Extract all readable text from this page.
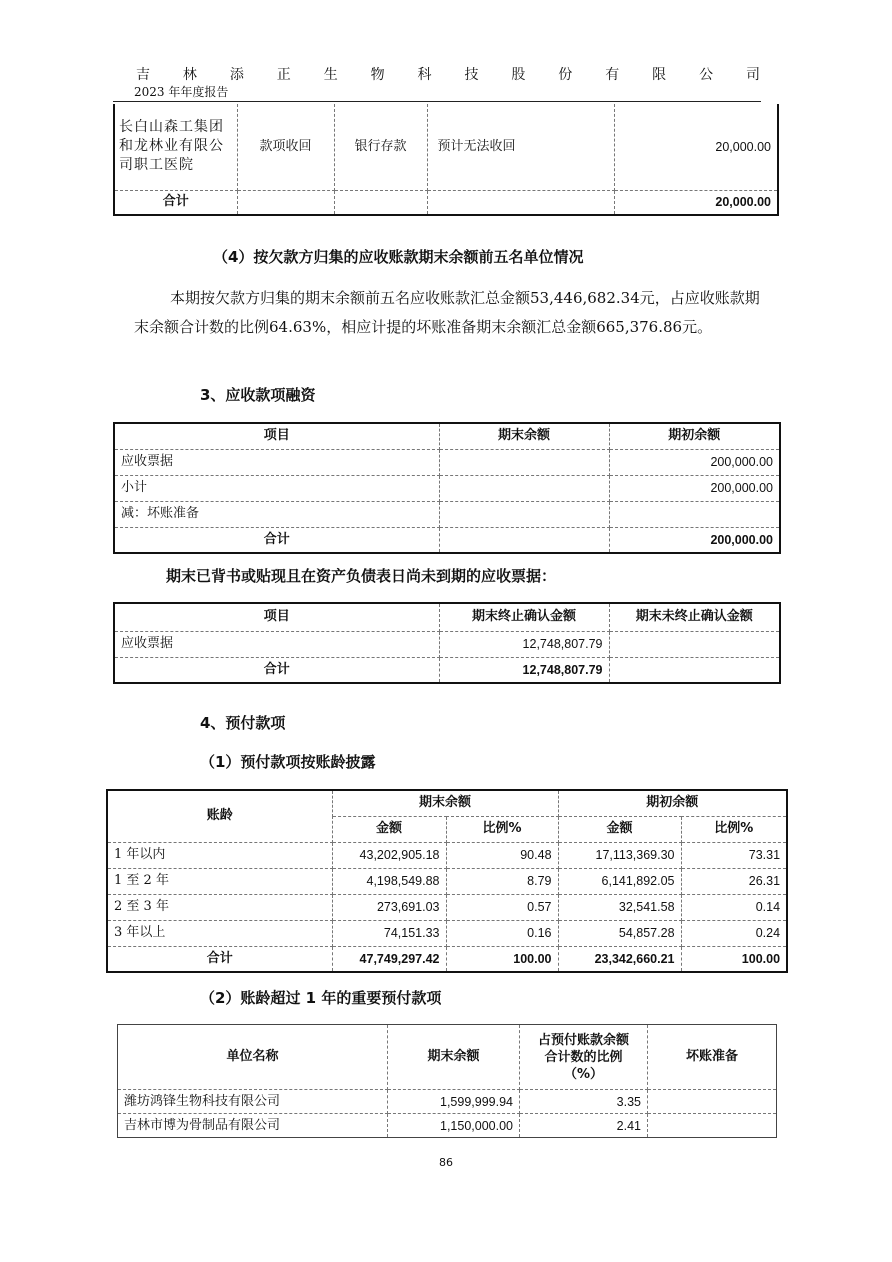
吉 林 添 正 生 物 科 技 股 份 有 限 公 司
2023 年年度报告
长白山森工集团和龙林业有限公司职工医院	款项收回	银行存款	预计无法收回	20,000.00
合计				20,000.00
（4）按欠款方归集的应收账款期末余额前五名单位情况
本期按欠款方归集的期末余额前五名应收账款汇总金额53,446,682.34元，占应收账款期末余额合计数的比例64.63%，相应计提的坏账准备期末余额汇总金额665,376.86元。
3、应收款项融资
项目	期末余额	期初余额
应收票据		200,000.00
小计		200,000.00
减：坏账准备		
合计		200,000.00
期末已背书或贴现且在资产负债表日尚未到期的应收票据：
项目	期末终止确认金额	期末未终止确认金额
应收票据	12,748,807.79	
合计	12,748,807.79	
4、预付款项
（1）预付款项按账龄披露
账龄	期末余额		期初余额	
	金额	比例%	金额	比例%
1 年以内	43,202,905.18	90.48	17,113,369.30	73.31
1 至 2 年	4,198,549.88	8.79	6,141,892.05	26.31
2 至 3 年	273,691.03	0.57	32,541.58	0.14
3 年以上	74,151.33	0.16	54,857.28	0.24
合计	47,749,297.42	100.00	23,342,660.21	100.00
（2）账龄超过 1 年的重要预付款项
单位名称	期末余额	占预付账款余额合计数的比例（%）	坏账准备
潍坊鸿锋生物科技有限公司	1,599,999.94	3.35	
吉林市博为骨制品有限公司	1,150,000.00	2.41	
86
